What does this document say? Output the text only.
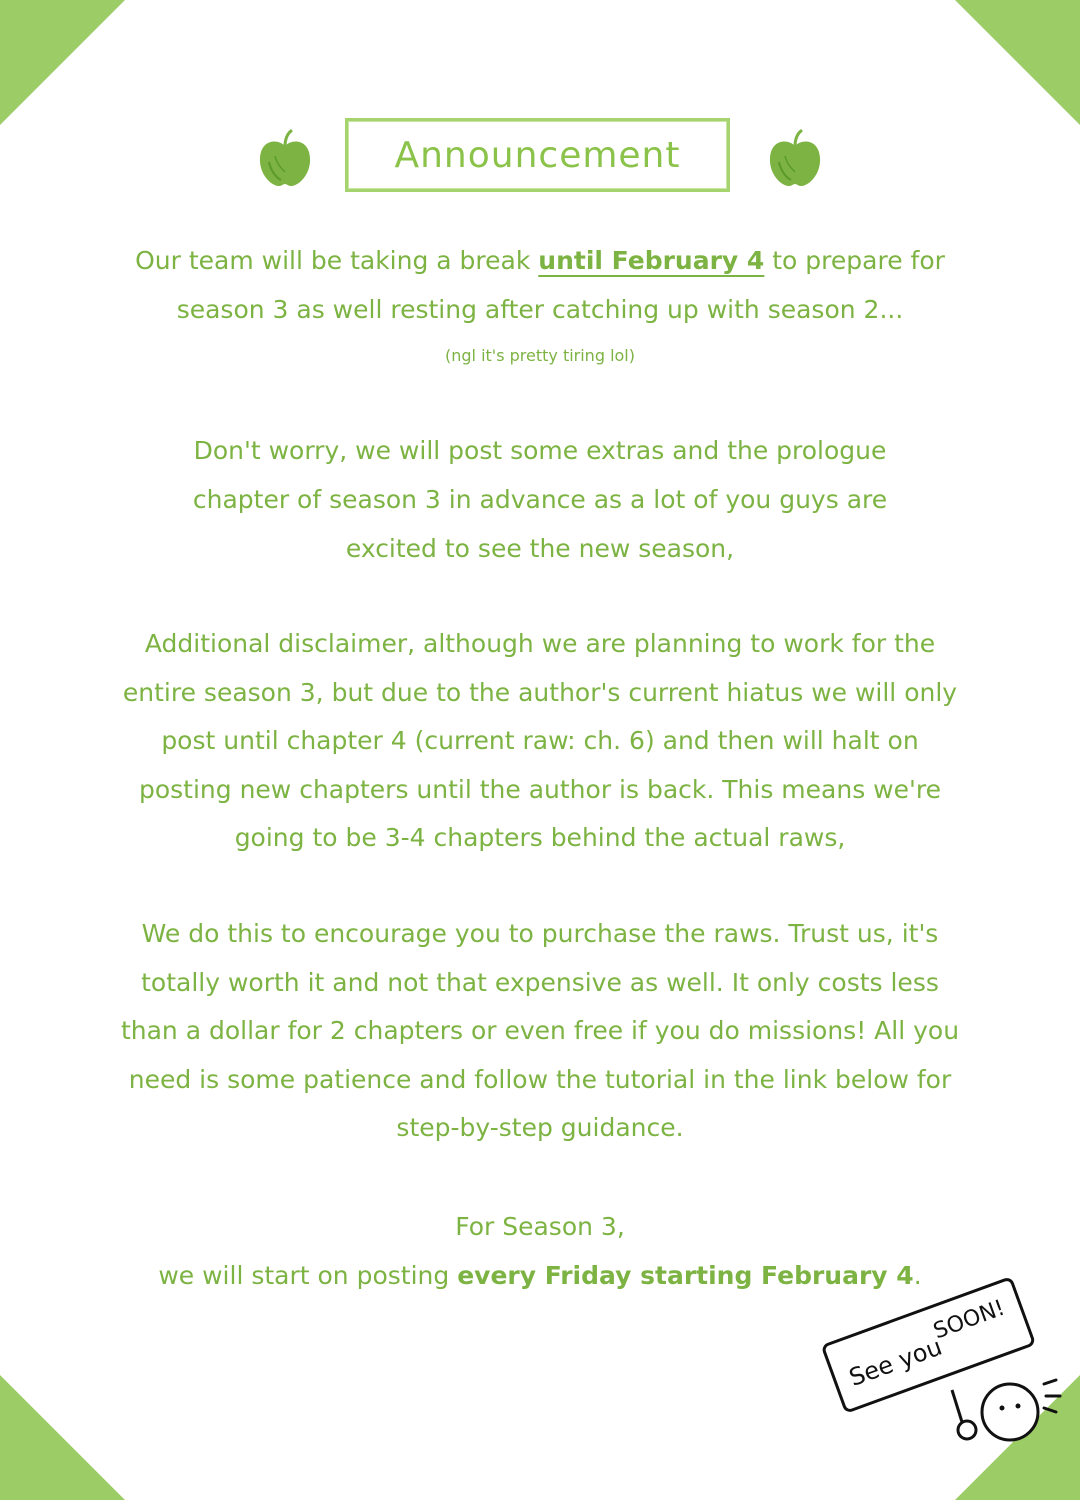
Announcement
Our team will be taking a break until February 4 to prepare for season 3 as well resting after catching up with season 2...
(ngl it's pretty tiring lol)
Don't worry, we will post some extras and the prologue chapter of season 3 in advance as a lot of you guys are excited to see the new season,
Additional disclaimer, although we are planning to work for the entire season 3, but due to the author's current hiatus we will only post until chapter 4 (current raw: ch. 6) and then will halt on posting new chapters until the author is back. This means we're going to be 3-4 chapters behind the actual raws,
We do this to encourage you to purchase the raws. Trust us, it's totally worth it and not that expensive as well. It only costs less than a dollar for 2 chapters or even free if you do missions! All you need is some patience and follow the tutorial in the link below for step-by-step guidance.
For Season 3,
we will start on posting every Friday starting February 4.
See you
SOON!
